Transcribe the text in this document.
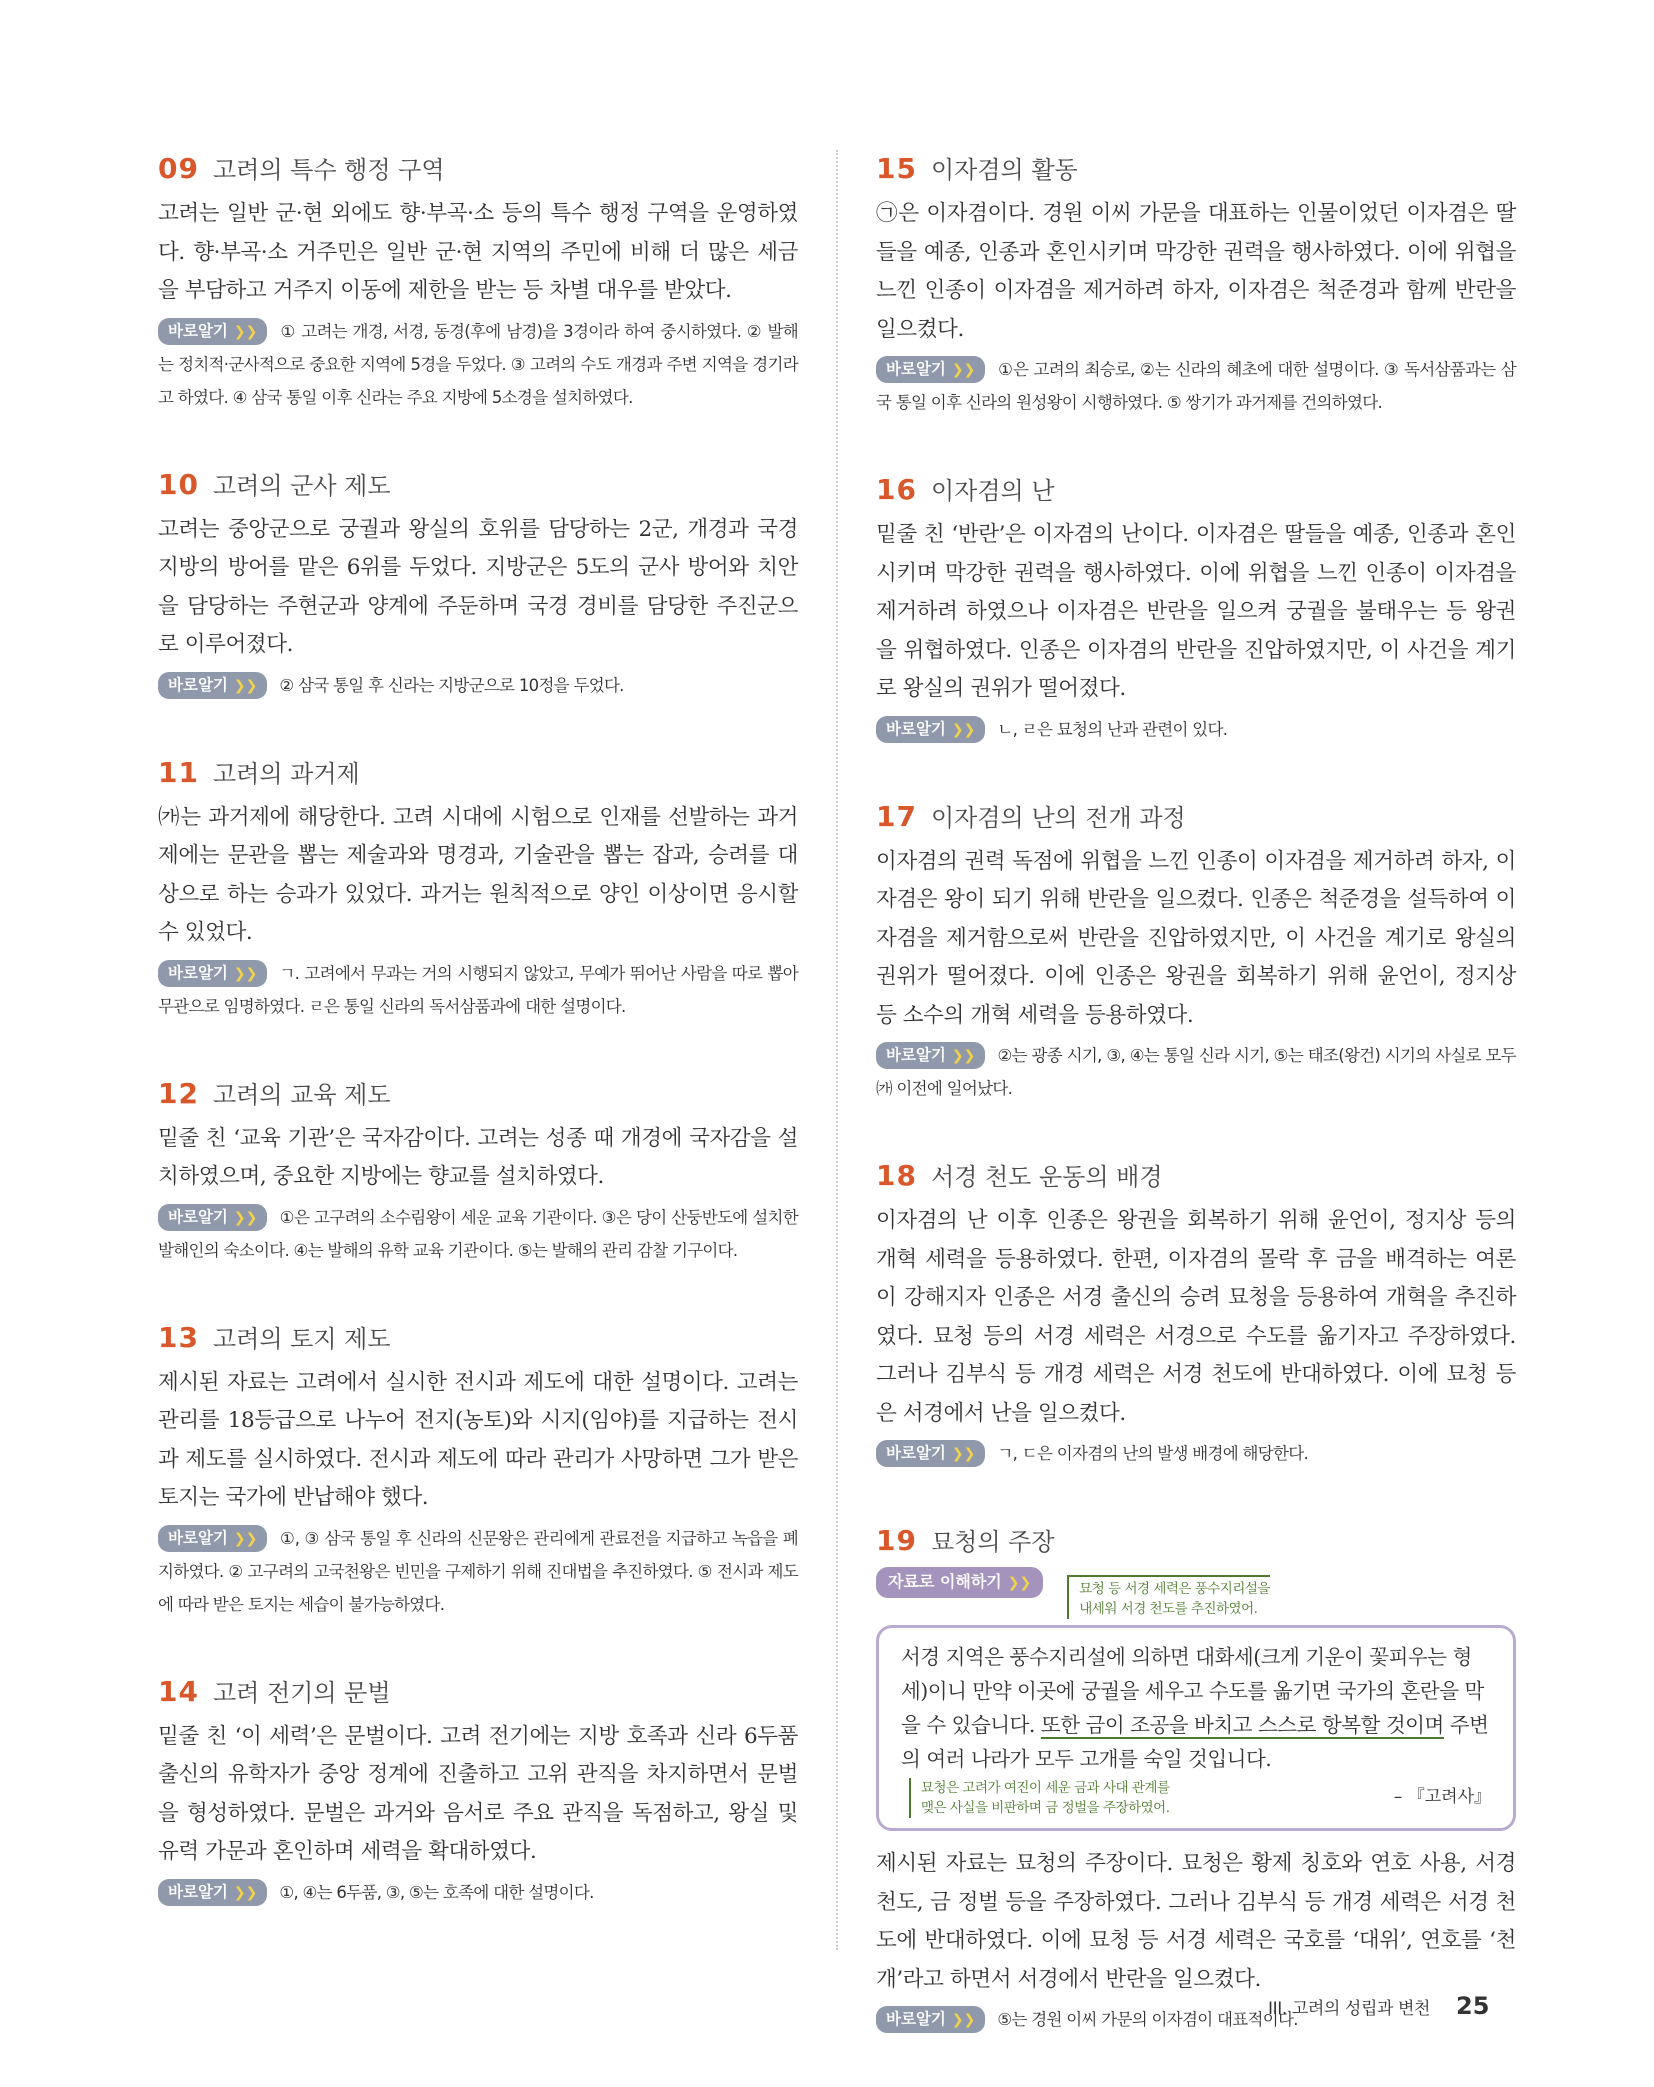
09 고려의 특수 행정 구역

고려는 일반 군·현 외에도 향·부곡·소 등의 특수 행정 구역을 운영하였다. 향·부곡·소 거주민은 일반 군·현 지역의 주민에 비해 더 많은 세금을 부담하고 거주지 이동에 제한을 받는 등 차별 대우를 받았다.

바로알기 ❯❯ ① 고려는 개경, 서경, 동경(후에 남경)을 3경이라 하여 중시하였다. ② 발해는 정치적·군사적으로 중요한 지역에 5경을 두었다. ③ 고려의 수도 개경과 주변 지역을 경기라고 하였다. ④ 삼국 통일 이후 신라는 주요 지방에 5소경을 설치하였다.

10 고려의 군사 제도

고려는 중앙군으로 궁궐과 왕실의 호위를 담당하는 2군, 개경과 국경 지방의 방어를 맡은 6위를 두었다. 지방군은 5도의 군사 방어와 치안을 담당하는 주현군과 양계에 주둔하며 국경 경비를 담당한 주진군으로 이루어졌다.

바로알기 ❯❯ ② 삼국 통일 후 신라는 지방군으로 10정을 두었다.

11 고려의 과거제

㈎는 과거제에 해당한다. 고려 시대에 시험으로 인재를 선발하는 과거제에는 문관을 뽑는 제술과와 명경과, 기술관을 뽑는 잡과, 승려를 대상으로 하는 승과가 있었다. 과거는 원칙적으로 양인 이상이면 응시할 수 있었다.

바로알기 ❯❯ ㄱ. 고려에서 무과는 거의 시행되지 않았고, 무예가 뛰어난 사람을 따로 뽑아 무관으로 임명하였다. ㄹ은 통일 신라의 독서삼품과에 대한 설명이다.

12 고려의 교육 제도

밑줄 친 ‘교육 기관’은 국자감이다. 고려는 성종 때 개경에 국자감을 설치하였으며, 중요한 지방에는 향교를 설치하였다.

바로알기 ❯❯ ①은 고구려의 소수림왕이 세운 교육 기관이다. ③은 당이 산둥반도에 설치한 발해인의 숙소이다. ④는 발해의 유학 교육 기관이다. ⑤는 발해의 관리 감찰 기구이다.

13 고려의 토지 제도

제시된 자료는 고려에서 실시한 전시과 제도에 대한 설명이다. 고려는 관리를 18등급으로 나누어 전지(농토)와 시지(임야)를 지급하는 전시과 제도를 실시하였다. 전시과 제도에 따라 관리가 사망하면 그가 받은 토지는 국가에 반납해야 했다.

바로알기 ❯❯ ①, ③ 삼국 통일 후 신라의 신문왕은 관리에게 관료전을 지급하고 녹읍을 폐지하였다. ② 고구려의 고국천왕은 빈민을 구제하기 위해 진대법을 추진하였다. ⑤ 전시과 제도에 따라 받은 토지는 세습이 불가능하였다.

14 고려 전기의 문벌

밑줄 친 ‘이 세력’은 문벌이다. 고려 전기에는 지방 호족과 신라 6두품 출신의 유학자가 중앙 정계에 진출하고 고위 관직을 차지하면서 문벌을 형성하였다. 문벌은 과거와 음서로 주요 관직을 독점하고, 왕실 및 유력 가문과 혼인하며 세력을 확대하였다.

바로알기 ❯❯ ①, ④는 6두품, ③, ⑤는 호족에 대한 설명이다.

15 이자겸의 활동

㉠은 이자겸이다. 경원 이씨 가문을 대표하는 인물이었던 이자겸은 딸들을 예종, 인종과 혼인시키며 막강한 권력을 행사하였다. 이에 위협을 느낀 인종이 이자겸을 제거하려 하자, 이자겸은 척준경과 함께 반란을 일으켰다.

바로알기 ❯❯ ①은 고려의 최승로, ②는 신라의 혜초에 대한 설명이다. ③ 독서삼품과는 삼국 통일 이후 신라의 원성왕이 시행하였다. ⑤ 쌍기가 과거제를 건의하였다.

16 이자겸의 난

밑줄 친 ‘반란’은 이자겸의 난이다. 이자겸은 딸들을 예종, 인종과 혼인시키며 막강한 권력을 행사하였다. 이에 위협을 느낀 인종이 이자겸을 제거하려 하였으나 이자겸은 반란을 일으켜 궁궐을 불태우는 등 왕권을 위협하였다. 인종은 이자겸의 반란을 진압하였지만, 이 사건을 계기로 왕실의 권위가 떨어졌다.

바로알기 ❯❯ ㄴ, ㄹ은 묘청의 난과 관련이 있다.

17 이자겸의 난의 전개 과정

이자겸의 권력 독점에 위협을 느낀 인종이 이자겸을 제거하려 하자, 이자겸은 왕이 되기 위해 반란을 일으켰다. 인종은 척준경을 설득하여 이자겸을 제거함으로써 반란을 진압하였지만, 이 사건을 계기로 왕실의 권위가 떨어졌다. 이에 인종은 왕권을 회복하기 위해 윤언이, 정지상 등 소수의 개혁 세력을 등용하였다.

바로알기 ❯❯ ②는 광종 시기, ③, ④는 통일 신라 시기, ⑤는 태조(왕건) 시기의 사실로 모두 ㈎ 이전에 일어났다.

18 서경 천도 운동의 배경

이자겸의 난 이후 인종은 왕권을 회복하기 위해 윤언이, 정지상 등의 개혁 세력을 등용하였다. 한편, 이자겸의 몰락 후 금을 배격하는 여론이 강해지자 인종은 서경 출신의 승려 묘청을 등용하여 개혁을 추진하였다. 묘청 등의 서경 세력은 서경으로 수도를 옮기자고 주장하였다. 그러나 김부식 등 개경 세력은 서경 천도에 반대하였다. 이에 묘청 등은 서경에서 난을 일으켰다.

바로알기 ❯❯ ㄱ, ㄷ은 이자겸의 난의 발생 배경에 해당한다.

19 묘청의 주장
자료로 이해하기 ❯❯	묘청 등 서경 세력은 풍수지리설을
내세워 서경 천도를 추진하였어.

서경 지역은 풍수지리설에 의하면 대화세(크게 기운이 꽃피우는 형세)이니 만약 이곳에 궁궐을 세우고 수도를 옮기면 국가의 혼란을 막을 수 있습니다. 또한 금이 조공을 바치고 스스로 항복할 것이며 주변의 여러 나라가 모두 고개를 숙일 것입니다.

묘청은 고려가 여진이 세운 금과 사대 관계를
맺은 사실을 비판하며 금 정벌을 주장하였어.
– 『고려사』

제시된 자료는 묘청의 주장이다. 묘청은 황제 칭호와 연호 사용, 서경 천도, 금 정벌 등을 주장하였다. 그러나 김부식 등 개경 세력은 서경 천도에 반대하였다. 이에 묘청 등 서경 세력은 국호를 ‘대위’, 연호를 ‘천개’라고 하면서 서경에서 반란을 일으켰다.

바로알기 ❯❯ ⑤는 경원 이씨 가문의 이자겸이 대표적이다.

III. 고려의 성립과 변천 25
